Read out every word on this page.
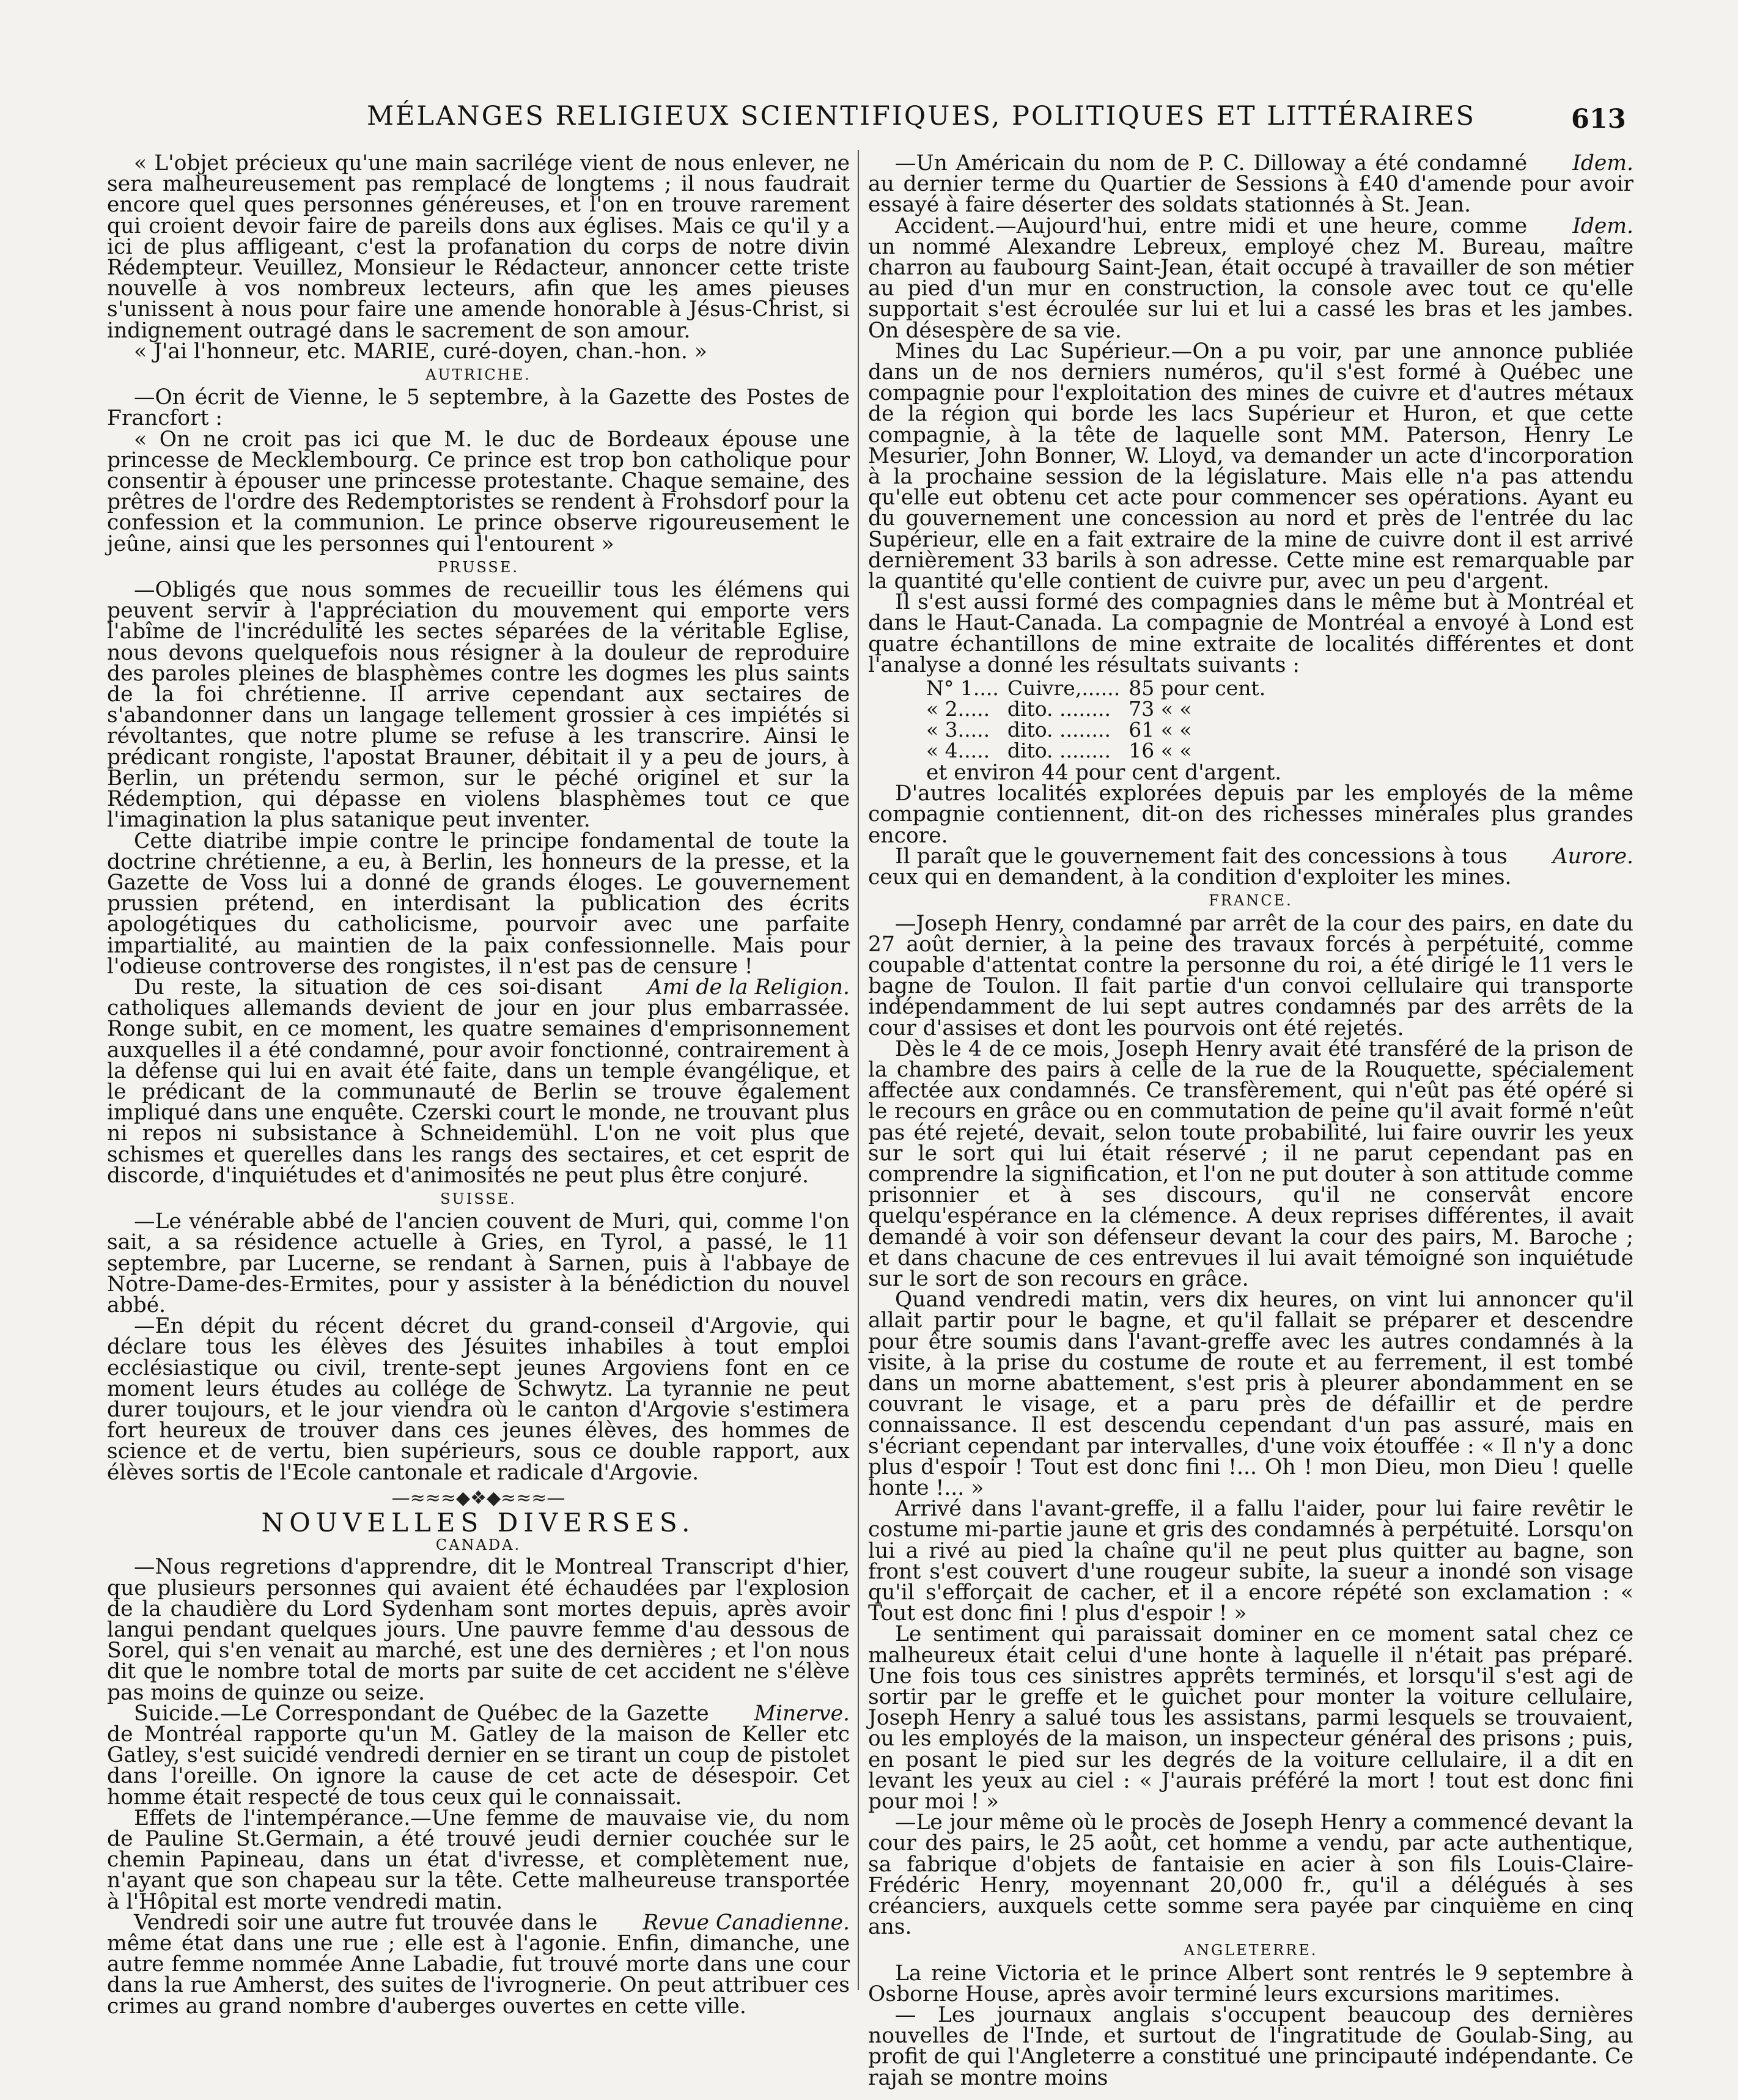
MÉLANGES RELIGIEUX SCIENTIFIQUES, POLITIQUES ET LITTÉRAIRES	613

« L'objet précieux qu'une main sacrilége vient de nous enlever, ne sera malheureusement pas remplacé de longtems ; il nous faudrait encore quel ques personnes généreuses, et l'on en trouve rarement qui croient devoir faire de pareils dons aux églises. Mais ce qu'il y a ici de plus affligeant, c'est la profanation du corps de notre divin Rédempteur. Veuillez, Monsieur le Rédacteur, annoncer cette triste nouvelle à vos nombreux lecteurs, afin que les ames pieuses s'unissent à nous pour faire une amende honorable à Jésus-Christ, si indignement outragé dans le sacrement de son amour.

« J'ai l'honneur, etc. MARIE, curé-doyen, chan.-hon. »

AUTRICHE.

—On écrit de Vienne, le 5 septembre, à la Gazette des Postes de Francfort :

« On ne croit pas ici que M. le duc de Bordeaux épouse une princesse de Mecklembourg. Ce prince est trop bon catholique pour consentir à épouser une princesse protestante. Chaque semaine, des prêtres de l'ordre des Redemptoristes se rendent à Frohsdorf pour la confession et la communion. Le prince observe rigoureusement le jeûne, ainsi que les personnes qui l'entourent »

PRUSSE.

—Obligés que nous sommes de recueillir tous les élémens qui peuvent servir à l'appréciation du mouvement qui emporte vers l'abîme de l'incrédulité les sectes séparées de la véritable Eglise, nous devons quelquefois nous résigner à la douleur de reproduire des paroles pleines de blasphèmes contre les dogmes les plus saints de la foi chrétienne. Il arrive cependant aux sectaires de s'abandonner dans un langage tellement grossier à ces impiétés si révoltantes, que notre plume se refuse à les transcrire. Ainsi le prédicant rongiste, l'apostat Brauner, débitait il y a peu de jours, à Berlin, un prétendu sermon, sur le péché originel et sur la Rédemption, qui dépasse en violens blasphèmes tout ce que l'imagination la plus satanique peut inventer.

Cette diatribe impie contre le principe fondamental de toute la doctrine chrétienne, a eu, à Berlin, les honneurs de la presse, et la Gazette de Voss lui a donné de grands éloges. Le gouvernement prussien prétend, en interdisant la publication des écrits apologétiques du catholicisme, pourvoir avec une parfaite impartialité, au maintien de la paix confessionnelle. Mais pour l'odieuse controverse des rongistes, il n'est pas de censure !

Ami de la Religion.
Du reste, la situation de ces soi-disant catholiques allemands devient de jour en jour plus embarrassée. Ronge subit, en ce moment, les quatre semaines d'emprisonnement auxquelles il a été condamné, pour avoir fonctionné, contrairement à la défense qui lui en avait été faite, dans un temple évangélique, et le prédicant de la communauté de Berlin se trouve également impliqué dans une enquête. Czerski court le monde, ne trouvant plus ni repos ni subsistance à Schneidemühl. L'on ne voit plus que schismes et querelles dans les rangs des sectaires, et cet esprit de discorde, d'inquiétudes et d'animosités ne peut plus être conjuré.

SUISSE.

—Le vénérable abbé de l'ancien couvent de Muri, qui, comme l'on sait, a sa résidence actuelle à Gries, en Tyrol, a passé, le 11 septembre, par Lucerne, se rendant à Sarnen, puis à l'abbaye de Notre-Dame-des-Ermites, pour y assister à la bénédiction du nouvel abbé.

—En dépit du récent décret du grand-conseil d'Argovie, qui déclare tous les élèves des Jésuites inhabiles à tout emploi ecclésiastique ou civil, trente-sept jeunes Argoviens font en ce moment leurs études au collége de Schwytz. La tyrannie ne peut durer toujours, et le jour viendra où le canton d'Argovie s'estimera fort heureux de trouver dans ces jeunes élèves, des hommes de science et de vertu, bien supérieurs, sous ce double rapport, aux élèves sortis de l'Ecole cantonale et radicale d'Argovie.

—≈≈≈◆❖◆≈≈≈—
NOUVELLES DIVERSES.
CANADA.

—Nous regretions d'apprendre, dit le Montreal Transcript d'hier, que plusieurs personnes qui avaient été échaudées par l'explosion de la chaudière du Lord Sydenham sont mortes depuis, après avoir langui pendant quelques jours. Une pauvre femme d'au dessous de Sorel, qui s'en venait au marché, est une des dernières ; et l'on nous dit que le nombre total de morts par suite de cet accident ne s'élève pas moins de quinze ou seize.

Minerve.
Suicide.—Le Correspondant de Québec de la Gazette de Montréal rapporte qu'un M. Gatley de la maison de Keller etc Gatley, s'est suicidé vendredi dernier en se tirant un coup de pistolet dans l'oreille. On ignore la cause de cet acte de désespoir. Cet homme était respecté de tous ceux qui le connaissait.

Effets de l'intempérance.—Une femme de mauvaise vie, du nom de Pauline St.Germain, a été trouvé jeudi dernier couchée sur le chemin Papineau, dans un état d'ivresse, et complètement nue, n'ayant que son chapeau sur la tête. Cette malheureuse transportée à l'Hôpital est morte vendredi matin.

Revue Canadienne.
Vendredi soir une autre fut trouvée dans le même état dans une rue ; elle est à l'agonie. Enfin, dimanche, une autre femme nommée Anne Labadie, fut trouvé morte dans une cour dans la rue Amherst, des suites de l'ivrognerie. On peut attribuer ces crimes au grand nombre d'auberges ouvertes en cette ville.

Idem.
—Un Américain du nom de P. C. Dilloway a été condamné au dernier terme du Quartier de Sessions à £40 d'amende pour avoir essayé à faire déserter des soldats stationnés à St. Jean.

Idem.
Accident.—Aujourd'hui, entre midi et une heure, comme un nommé Alexandre Lebreux, employé chez M. Bureau, maître charron au faubourg Saint-Jean, était occupé à travailler de son métier au pied d'un mur en construction, la console avec tout ce qu'elle supportait s'est écroulée sur lui et lui a cassé les bras et les jambes. On désespère de sa vie.

Mines du Lac Supérieur.—On a pu voir, par une annonce publiée dans un de nos derniers numéros, qu'il s'est formé à Québec une compagnie pour l'exploitation des mines de cuivre et d'autres métaux de la région qui borde les lacs Supérieur et Huron, et que cette compagnie, à la tête de laquelle sont MM. Paterson, Henry Le Mesurier, John Bonner, W. Lloyd, va demander un acte d'incorporation à la prochaine session de la législature. Mais elle n'a pas attendu qu'elle eut obtenu cet acte pour commencer ses opérations. Ayant eu du gouvernement une concession au nord et près de l'entrée du lac Supérieur, elle en a fait extraire de la mine de cuivre dont il est arrivé dernièrement 33 barils à son adresse. Cette mine est remarquable par la quantité qu'elle contient de cuivre pur, avec un peu d'argent.

Il s'est aussi formé des compagnies dans le même but à Montréal et dans le Haut-Canada. La compagnie de Montréal a envoyé à Lond est quatre échantillons de mine extraite de localités différentes et dont l'analyse a donné les résultats suivants :

N° 1....	Cuivre,......	85 pour cent.
« 2.....	dito. ........	73 « «
« 3.....	dito. ........	61 « «
« 4.....	dito. ........	16 « «

et environ 44 pour cent d'argent.

D'autres localités explorées depuis par les employés de la même compagnie contiennent, dit-on des richesses minérales plus grandes encore.

Aurore.
Il paraît que le gouvernement fait des concessions à tous ceux qui en demandent, à la condition d'exploiter les mines.

FRANCE.

—Joseph Henry, condamné par arrêt de la cour des pairs, en date du 27 août dernier, à la peine des travaux forcés à perpétuité, comme coupable d'attentat contre la personne du roi, a été dirigé le 11 vers le bagne de Toulon. Il fait partie d'un convoi cellulaire qui transporte indépendamment de lui sept autres condamnés par des arrêts de la cour d'assises et dont les pourvois ont été rejetés.

Dès le 4 de ce mois, Joseph Henry avait été transféré de la prison de la chambre des pairs à celle de la rue de la Rouquette, spécialement affectée aux condamnés. Ce transfèrement, qui n'eût pas été opéré si le recours en grâce ou en commutation de peine qu'il avait formé n'eût pas été rejeté, devait, selon toute probabilité, lui faire ouvrir les yeux sur le sort qui lui était réservé ; il ne parut cependant pas en comprendre la signification, et l'on ne put douter à son attitude comme prisonnier et à ses discours, qu'il ne conservât encore quelqu'espérance en la clémence. A deux reprises différentes, il avait demandé à voir son défenseur devant la cour des pairs, M. Baroche ; et dans chacune de ces entrevues il lui avait témoigné son inquiétude sur le sort de son recours en grâce.

Quand vendredi matin, vers dix heures, on vint lui annoncer qu'il allait partir pour le bagne, et qu'il fallait se préparer et descendre pour être soumis dans l'avant-greffe avec les autres condamnés à la visite, à la prise du costume de route et au ferrement, il est tombé dans un morne abattement, s'est pris à pleurer abondamment en se couvrant le visage, et a paru près de défaillir et de perdre connaissance. Il est descendu cependant d'un pas assuré, mais en s'écriant cependant par intervalles, d'une voix étouffée : « Il n'y a donc plus d'espoir ! Tout est donc fini !... Oh ! mon Dieu, mon Dieu ! quelle honte !... »

Arrivé dans l'avant-greffe, il a fallu l'aider, pour lui faire revêtir le costume mi-partie jaune et gris des condamnés à perpétuité. Lorsqu'on lui a rivé au pied la chaîne qu'il ne peut plus quitter au bagne, son front s'est couvert d'une rougeur subite, la sueur a inondé son visage qu'il s'efforçait de cacher, et il a encore répété son exclamation : « Tout est donc fini ! plus d'espoir ! »

Le sentiment qui paraissait dominer en ce moment satal chez ce malheureux était celui d'une honte à laquelle il n'était pas préparé. Une fois tous ces sinistres apprêts terminés, et lorsqu'il s'est agi de sortir par le greffe et le guichet pour monter la voiture cellulaire, Joseph Henry a salué tous les assistans, parmi lesquels se trouvaient, ou les employés de la maison, un inspecteur général des prisons ; puis, en posant le pied sur les degrés de la voiture cellulaire, il a dit en levant les yeux au ciel : « J'aurais préféré la mort ! tout est donc fini pour moi ! »

—Le jour même où le procès de Joseph Henry a commencé devant la cour des pairs, le 25 août, cet homme a vendu, par acte authentique, sa fabrique d'objets de fantaisie en acier à son fils Louis-Claire-Frédéric Henry, moyennant 20,000 fr., qu'il a délégués à ses créanciers, auxquels cette somme sera payée par cinquième en cinq ans.

ANGLETERRE.

La reine Victoria et le prince Albert sont rentrés le 9 septembre à Osborne House, après avoir terminé leurs excursions maritimes.

— Les journaux anglais s'occupent beaucoup des dernières nouvelles de l'Inde, et surtout de l'ingratitude de Goulab-Sing, au profit de qui l'Angleterre a constitué une principauté indépendante. Ce rajah se montre moins
